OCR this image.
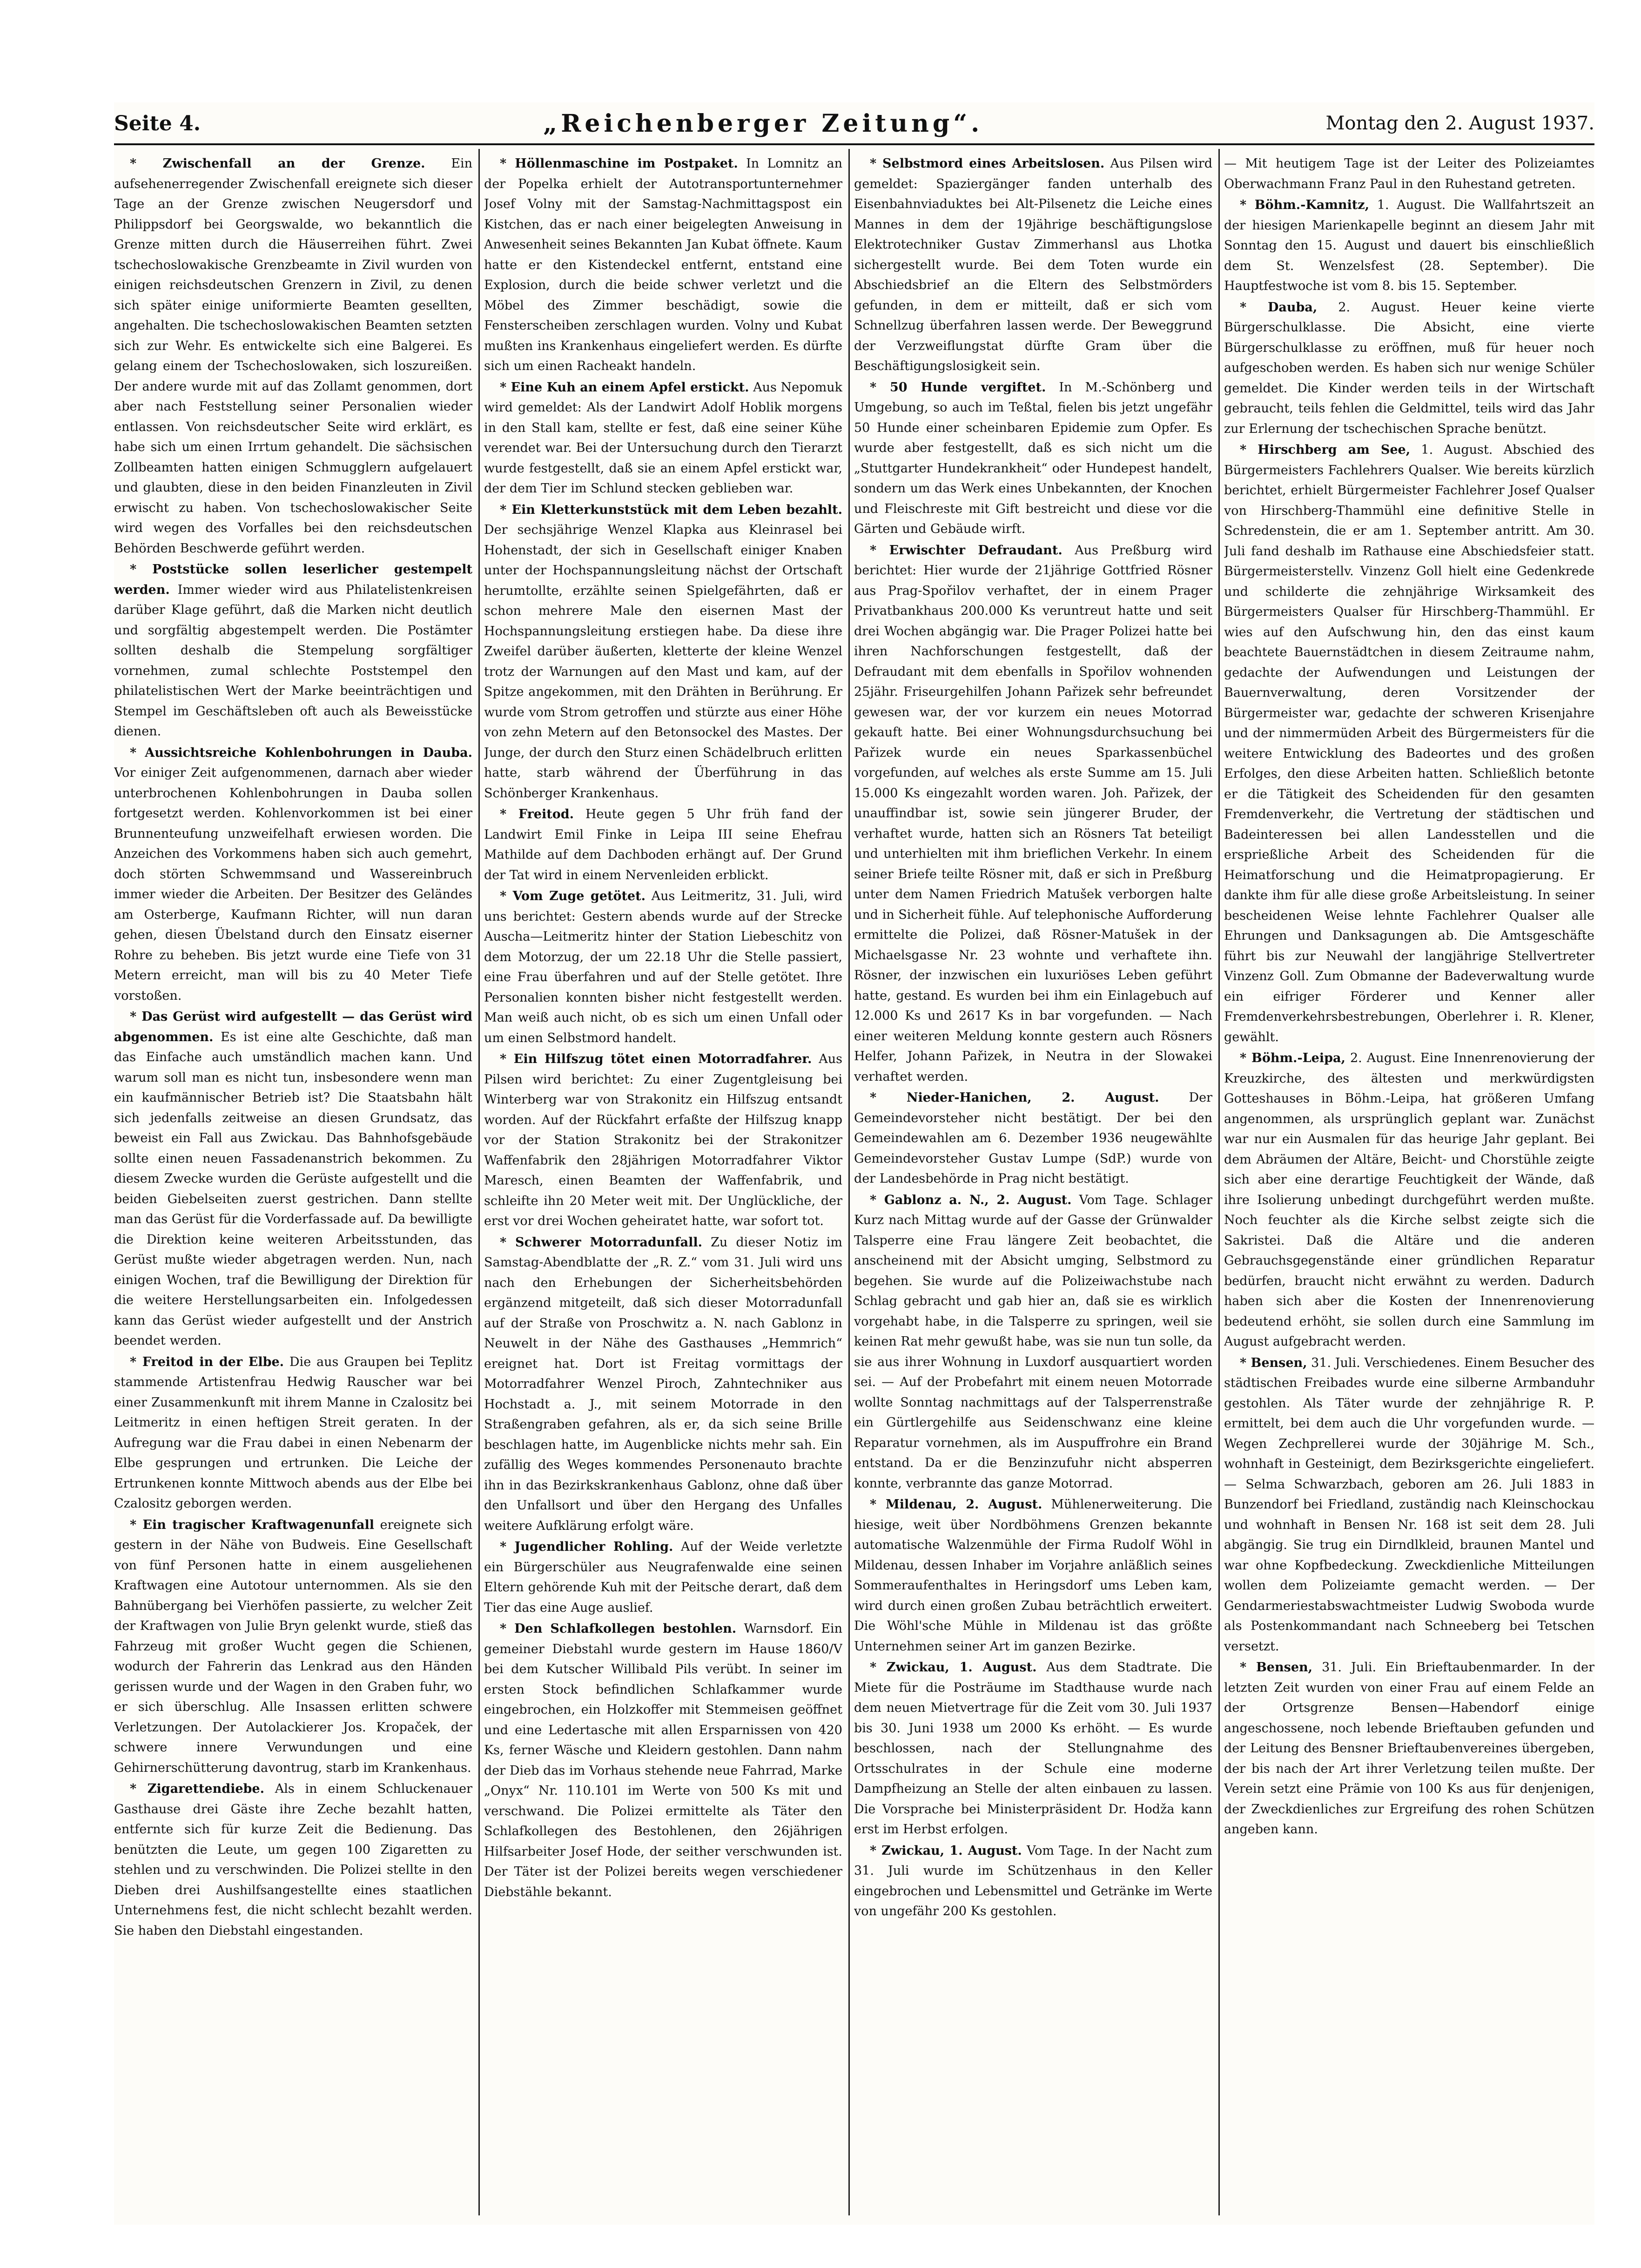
Seite 4.	„Reichenberger Zeitung“.	Montag den 2. August 1937.

* Zwischenfall an der Grenze. Ein aufsehenerregender Zwischenfall ereignete sich dieser Tage an der Grenze zwischen Neugersdorf und Philippsdorf bei Georgswalde, wo bekanntlich die Grenze mitten durch die Häuserreihen führt. Zwei tschechoslowakische Grenzbeamte in Zivil wurden von einigen reichsdeutschen Grenzern in Zivil, zu denen sich später einige uniformierte Beamten gesellten, angehalten. Die tschechoslowakischen Beamten setzten sich zur Wehr. Es entwickelte sich eine Balgerei. Es gelang einem der Tschechoslowaken, sich loszureißen. Der andere wurde mit auf das Zollamt genommen, dort aber nach Feststellung seiner Personalien wieder entlassen. Von reichsdeutscher Seite wird erklärt, es habe sich um einen Irrtum gehandelt. Die sächsischen Zollbeamten hatten einigen Schmugglern aufgelauert und glaubten, diese in den beiden Finanzleuten in Zivil erwischt zu haben. Von tschechoslowakischer Seite wird wegen des Vorfalles bei den reichsdeutschen Behörden Beschwerde geführt werden.

* Poststücke sollen leserlicher gestempelt werden. Immer wieder wird aus Philatelistenkreisen darüber Klage geführt, daß die Marken nicht deutlich und sorgfältig abgestempelt werden. Die Postämter sollten deshalb die Stempelung sorgfältiger vornehmen, zumal schlechte Poststempel den philatelistischen Wert der Marke beeinträchtigen und Stempel im Geschäftsleben oft auch als Beweisstücke dienen.

* Aussichtsreiche Kohlenbohrungen in Dauba. Vor einiger Zeit aufgenommenen, darnach aber wieder unterbrochenen Kohlenbohrungen in Dauba sollen fortgesetzt werden. Kohlenvorkommen ist bei einer Brunnenteufung unzweifelhaft erwiesen worden. Die Anzeichen des Vorkommens haben sich auch gemehrt, doch störten Schwemmsand und Wassereinbruch immer wieder die Arbeiten. Der Besitzer des Geländes am Osterberge, Kaufmann Richter, will nun daran gehen, diesen Übelstand durch den Einsatz eiserner Rohre zu beheben. Bis jetzt wurde eine Tiefe von 31 Metern erreicht, man will bis zu 40 Meter Tiefe vorstoßen.

* Das Gerüst wird aufgestellt — das Gerüst wird abgenommen. Es ist eine alte Geschichte, daß man das Einfache auch umständlich machen kann. Und warum soll man es nicht tun, insbesondere wenn man ein kaufmännischer Betrieb ist? Die Staatsbahn hält sich jedenfalls zeitweise an diesen Grundsatz, das beweist ein Fall aus Zwickau. Das Bahnhofsgebäude sollte einen neuen Fassadenanstrich bekommen. Zu diesem Zwecke wurden die Gerüste aufgestellt und die beiden Giebelseiten zuerst gestrichen. Dann stellte man das Gerüst für die Vorderfassade auf. Da bewilligte die Direktion keine weiteren Arbeitsstunden, das Gerüst mußte wieder abgetragen werden. Nun, nach einigen Wochen, traf die Bewilligung der Direktion für die weitere Herstellungsarbeiten ein. Infolgedessen kann das Gerüst wieder aufgestellt und der Anstrich beendet werden.

* Freitod in der Elbe. Die aus Graupen bei Teplitz stammende Artistenfrau Hedwig Rauscher war bei einer Zusammenkunft mit ihrem Manne in Czalositz bei Leitmeritz in einen heftigen Streit geraten. In der Aufregung war die Frau dabei in einen Nebenarm der Elbe gesprungen und ertrunken. Die Leiche der Ertrunkenen konnte Mittwoch abends aus der Elbe bei Czalositz geborgen werden.

* Ein tragischer Kraftwagenunfall ereignete sich gestern in der Nähe von Budweis. Eine Gesellschaft von fünf Personen hatte in einem ausgeliehenen Kraftwagen eine Autotour unternommen. Als sie den Bahnübergang bei Vierhöfen passierte, zu welcher Zeit der Kraftwagen von Julie Bryn gelenkt wurde, stieß das Fahrzeug mit großer Wucht gegen die Schienen, wodurch der Fahrerin das Lenkrad aus den Händen gerissen wurde und der Wagen in den Graben fuhr, wo er sich überschlug. Alle Insassen erlitten schwere Verletzungen. Der Autolackierer Jos. Kropaček, der schwere innere Verwundungen und eine Gehirnerschütterung davontrug, starb im Krankenhaus.

* Zigarettendiebe. Als in einem Schluckenauer Gasthause drei Gäste ihre Zeche bezahlt hatten, entfernte sich für kurze Zeit die Bedienung. Das benützten die Leute, um gegen 100 Zigaretten zu stehlen und zu verschwinden. Die Polizei stellte in den Dieben drei Aushilfsangestellte eines staatlichen Unternehmens fest, die nicht schlecht bezahlt werden. Sie haben den Diebstahl eingestanden.

* Höllenmaschine im Postpaket. In Lomnitz an der Popelka erhielt der Autotransportunternehmer Josef Volny mit der Samstag-Nachmittagspost ein Kistchen, das er nach einer beigelegten Anweisung in Anwesenheit seines Bekannten Jan Kubat öffnete. Kaum hatte er den Kistendeckel entfernt, entstand eine Explosion, durch die beide schwer verletzt und die Möbel des Zimmer beschädigt, sowie die Fensterscheiben zerschlagen wurden. Volny und Kubat mußten ins Krankenhaus eingeliefert werden. Es dürfte sich um einen Racheakt handeln.

* Eine Kuh an einem Apfel erstickt. Aus Nepomuk wird gemeldet: Als der Landwirt Adolf Hoblik morgens in den Stall kam, stellte er fest, daß eine seiner Kühe verendet war. Bei der Untersuchung durch den Tierarzt wurde festgestellt, daß sie an einem Apfel erstickt war, der dem Tier im Schlund stecken geblieben war.

* Ein Kletterkunststück mit dem Leben bezahlt. Der sechsjährige Wenzel Klapka aus Kleinrasel bei Hohenstadt, der sich in Gesellschaft einiger Knaben unter der Hochspannungsleitung nächst der Ortschaft herumtollte, erzählte seinen Spielgefährten, daß er schon mehrere Male den eisernen Mast der Hochspannungsleitung erstiegen habe. Da diese ihre Zweifel darüber äußerten, kletterte der kleine Wenzel trotz der Warnungen auf den Mast und kam, auf der Spitze angekommen, mit den Drähten in Berührung. Er wurde vom Strom getroffen und stürzte aus einer Höhe von zehn Metern auf den Betonsockel des Mastes. Der Junge, der durch den Sturz einen Schädelbruch erlitten hatte, starb während der Überführung in das Schönberger Krankenhaus.

* Freitod. Heute gegen 5 Uhr früh fand der Landwirt Emil Finke in Leipa III seine Ehefrau Mathilde auf dem Dachboden erhängt auf. Der Grund der Tat wird in einem Nervenleiden erblickt.

* Vom Zuge getötet. Aus Leitmeritz, 31. Juli, wird uns berichtet: Gestern abends wurde auf der Strecke Auscha—Leitmeritz hinter der Station Liebeschitz von dem Motorzug, der um 22.18 Uhr die Stelle passiert, eine Frau überfahren und auf der Stelle getötet. Ihre Personalien konnten bisher nicht festgestellt werden. Man weiß auch nicht, ob es sich um einen Unfall oder um einen Selbstmord handelt.

* Ein Hilfszug tötet einen Motorradfahrer. Aus Pilsen wird berichtet: Zu einer Zugentgleisung bei Winterberg war von Strakonitz ein Hilfszug entsandt worden. Auf der Rückfahrt erfaßte der Hilfszug knapp vor der Station Strakonitz bei der Strakonitzer Waffenfabrik den 28jährigen Motorradfahrer Viktor Maresch, einen Beamten der Waffenfabrik, und schleifte ihn 20 Meter weit mit. Der Unglückliche, der erst vor drei Wochen geheiratet hatte, war sofort tot.

* Schwerer Motorradunfall. Zu dieser Notiz im Samstag-Abendblatte der „R. Z.“ vom 31. Juli wird uns nach den Erhebungen der Sicherheitsbehörden ergänzend mitgeteilt, daß sich dieser Motorradunfall auf der Straße von Proschwitz a. N. nach Gablonz in Neuwelt in der Nähe des Gasthauses „Hemmrich“ ereignet hat. Dort ist Freitag vormittags der Motorradfahrer Wenzel Piroch, Zahntechniker aus Hochstadt a. J., mit seinem Motorrade in den Straßengraben gefahren, als er, da sich seine Brille beschlagen hatte, im Augenblicke nichts mehr sah. Ein zufällig des Weges kommendes Personenauto brachte ihn in das Bezirkskrankenhaus Gablonz, ohne daß über den Unfallsort und über den Hergang des Unfalles weitere Aufklärung erfolgt wäre.

* Jugendlicher Rohling. Auf der Weide verletzte ein Bürgerschüler aus Neugrafenwalde eine seinen Eltern gehörende Kuh mit der Peitsche derart, daß dem Tier das eine Auge auslief.

* Den Schlafkollegen bestohlen. Warnsdorf. Ein gemeiner Diebstahl wurde gestern im Hause 1860/V bei dem Kutscher Willibald Pils verübt. In seiner im ersten Stock befindlichen Schlafkammer wurde eingebrochen, ein Holzkoffer mit Stemmeisen geöffnet und eine Ledertasche mit allen Ersparnissen von 420 Ks, ferner Wäsche und Kleidern gestohlen. Dann nahm der Dieb das im Vorhaus stehende neue Fahrrad, Marke „Onyx“ Nr. 110.101 im Werte von 500 Ks mit und verschwand. Die Polizei ermittelte als Täter den Schlafkollegen des Bestohlenen, den 26jährigen Hilfsarbeiter Josef Hode, der seither verschwunden ist. Der Täter ist der Polizei bereits wegen verschiedener Diebstähle bekannt.

* Selbstmord eines Arbeitslosen. Aus Pilsen wird gemeldet: Spaziergänger fanden unterhalb des Eisenbahnviaduktes bei Alt-Pilsenetz die Leiche eines Mannes in dem der 19jährige beschäftigungslose Elektrotechniker Gustav Zimmerhansl aus Lhotka sichergestellt wurde. Bei dem Toten wurde ein Abschiedsbrief an die Eltern des Selbstmörders gefunden, in dem er mitteilt, daß er sich vom Schnellzug überfahren lassen werde. Der Beweggrund der Verzweiflungstat dürfte Gram über die Beschäftigungslosigkeit sein.

* 50 Hunde vergiftet. In M.-Schönberg und Umgebung, so auch im Teßtal, fielen bis jetzt ungefähr 50 Hunde einer scheinbaren Epidemie zum Opfer. Es wurde aber festgestellt, daß es sich nicht um die „Stuttgarter Hundekrankheit“ oder Hundepest handelt, sondern um das Werk eines Unbekannten, der Knochen und Fleischreste mit Gift bestreicht und diese vor die Gärten und Gebäude wirft.

* Erwischter Defraudant. Aus Preßburg wird berichtet: Hier wurde der 21jährige Gottfried Rösner aus Prag-Spořilov verhaftet, der in einem Prager Privatbankhaus 200.000 Ks veruntreut hatte und seit drei Wochen abgängig war. Die Prager Polizei hatte bei ihren Nachforschungen festgestellt, daß der Defraudant mit dem ebenfalls in Spořilov wohnenden 25jähr. Friseurgehilfen Johann Pařizek sehr befreundet gewesen war, der vor kurzem ein neues Motorrad gekauft hatte. Bei einer Wohnungsdurchsuchung bei Pařizek wurde ein neues Sparkassenbüchel vorgefunden, auf welches als erste Summe am 15. Juli 15.000 Ks eingezahlt worden waren. Joh. Pařizek, der unauffindbar ist, sowie sein jüngerer Bruder, der verhaftet wurde, hatten sich an Rösners Tat beteiligt und unterhielten mit ihm brieflichen Verkehr. In einem seiner Briefe teilte Rösner mit, daß er sich in Preßburg unter dem Namen Friedrich Matušek verborgen halte und in Sicherheit fühle. Auf telephonische Aufforderung ermittelte die Polizei, daß Rösner-Matušek in der Michaelsgasse Nr. 23 wohnte und verhaftete ihn. Rösner, der inzwischen ein luxuriöses Leben geführt hatte, gestand. Es wurden bei ihm ein Einlagebuch auf 12.000 Ks und 2617 Ks in bar vorgefunden. — Nach einer weiteren Meldung konnte gestern auch Rösners Helfer, Johann Pařizek, in Neutra in der Slowakei verhaftet werden.

* Nieder-Hanichen, 2. August. Der Gemeindevorsteher nicht bestätigt. Der bei den Gemeindewahlen am 6. Dezember 1936 neugewählte Gemeindevorsteher Gustav Lumpe (SdP.) wurde von der Landesbehörde in Prag nicht bestätigt.

* Gablonz a. N., 2. August. Vom Tage. Schlager Kurz nach Mittag wurde auf der Gasse der Grünwalder Talsperre eine Frau längere Zeit beobachtet, die anscheinend mit der Absicht umging, Selbstmord zu begehen. Sie wurde auf die Polizeiwachstube nach Schlag gebracht und gab hier an, daß sie es wirklich vorgehabt habe, in die Talsperre zu springen, weil sie keinen Rat mehr gewußt habe, was sie nun tun solle, da sie aus ihrer Wohnung in Luxdorf ausquartiert worden sei. — Auf der Probefahrt mit einem neuen Motorrade wollte Sonntag nachmittags auf der Talsperrenstraße ein Gürtlergehilfe aus Seidenschwanz eine kleine Reparatur vornehmen, als im Auspuffrohre ein Brand entstand. Da er die Benzinzufuhr nicht absperren konnte, verbrannte das ganze Motorrad.

* Mildenau, 2. August. Mühlenerweiterung. Die hiesige, weit über Nordböhmens Grenzen bekannte automatische Walzenmühle der Firma Rudolf Wöhl in Mildenau, dessen Inhaber im Vorjahre anläßlich seines Sommeraufenthaltes in Heringsdorf ums Leben kam, wird durch einen großen Zubau beträchtlich erweitert. Die Wöhl'sche Mühle in Mildenau ist das größte Unternehmen seiner Art im ganzen Bezirke.

* Zwickau, 1. August. Aus dem Stadtrate. Die Miete für die Posträume im Stadthause wurde nach dem neuen Mietvertrage für die Zeit vom 30. Juli 1937 bis 30. Juni 1938 um 2000 Ks erhöht. — Es wurde beschlossen, nach der Stellungnahme des Ortsschulrates in der Schule eine moderne Dampfheizung an Stelle der alten einbauen zu lassen. Die Vorsprache bei Ministerpräsident Dr. Hodža kann erst im Herbst erfolgen.

* Zwickau, 1. August. Vom Tage. In der Nacht zum 31. Juli wurde im Schützenhaus in den Keller eingebrochen und Lebensmittel und Getränke im Werte von ungefähr 200 Ks gestohlen.

— Mit heutigem Tage ist der Leiter des Polizeiamtes Oberwachmann Franz Paul in den Ruhestand getreten.

* Böhm.-Kamnitz, 1. August. Die Wallfahrtszeit an der hiesigen Marienkapelle beginnt an diesem Jahr mit Sonntag den 15. August und dauert bis einschließlich dem St. Wenzelsfest (28. September). Die Hauptfestwoche ist vom 8. bis 15. September.

* Dauba, 2. August. Heuer keine vierte Bürgerschulklasse. Die Absicht, eine vierte Bürgerschulklasse zu eröffnen, muß für heuer noch aufgeschoben werden. Es haben sich nur wenige Schüler gemeldet. Die Kinder werden teils in der Wirtschaft gebraucht, teils fehlen die Geldmittel, teils wird das Jahr zur Erlernung der tschechischen Sprache benützt.

* Hirschberg am See, 1. August. Abschied des Bürgermeisters Fachlehrers Qualser. Wie bereits kürzlich berichtet, erhielt Bürgermeister Fachlehrer Josef Qualser von Hirschberg-Thammühl eine definitive Stelle in Schredenstein, die er am 1. September antritt. Am 30. Juli fand deshalb im Rathause eine Abschiedsfeier statt. Bürgermeisterstellv. Vinzenz Goll hielt eine Gedenkrede und schilderte die zehnjährige Wirksamkeit des Bürgermeisters Qualser für Hirschberg-Thammühl. Er wies auf den Aufschwung hin, den das einst kaum beachtete Bauernstädtchen in diesem Zeitraume nahm, gedachte der Aufwendungen und Leistungen der Bauernverwaltung, deren Vorsitzender der Bürgermeister war, gedachte der schweren Krisenjahre und der nimmermüden Arbeit des Bürgermeisters für die weitere Entwicklung des Badeortes und des großen Erfolges, den diese Arbeiten hatten. Schließlich betonte er die Tätigkeit des Scheidenden für den gesamten Fremdenverkehr, die Vertretung der städtischen und Badeinteressen bei allen Landesstellen und die ersprießliche Arbeit des Scheidenden für die Heimatforschung und die Heimatpropagierung. Er dankte ihm für alle diese große Arbeitsleistung. In seiner bescheidenen Weise lehnte Fachlehrer Qualser alle Ehrungen und Danksagungen ab. Die Amtsgeschäfte führt bis zur Neuwahl der langjährige Stellvertreter Vinzenz Goll. Zum Obmanne der Badeverwaltung wurde ein eifriger Förderer und Kenner aller Fremdenverkehrsbestrebungen, Oberlehrer i. R. Klener, gewählt.

* Böhm.-Leipa, 2. August. Eine Innenrenovierung der Kreuzkirche, des ältesten und merkwürdigsten Gotteshauses in Böhm.-Leipa, hat größeren Umfang angenommen, als ursprünglich geplant war. Zunächst war nur ein Ausmalen für das heurige Jahr geplant. Bei dem Abräumen der Altäre, Beicht- und Chorstühle zeigte sich aber eine derartige Feuchtigkeit der Wände, daß ihre Isolierung unbedingt durchgeführt werden mußte. Noch feuchter als die Kirche selbst zeigte sich die Sakristei. Daß die Altäre und die anderen Gebrauchsgegenstände einer gründlichen Reparatur bedürfen, braucht nicht erwähnt zu werden. Dadurch haben sich aber die Kosten der Innenrenovierung bedeutend erhöht, sie sollen durch eine Sammlung im August aufgebracht werden.

* Bensen, 31. Juli. Verschiedenes. Einem Besucher des städtischen Freibades wurde eine silberne Armbanduhr gestohlen. Als Täter wurde der zehnjährige R. P. ermittelt, bei dem auch die Uhr vorgefunden wurde. — Wegen Zechprellerei wurde der 30jährige M. Sch., wohnhaft in Gesteinigt, dem Bezirksgerichte eingeliefert. — Selma Schwarzbach, geboren am 26. Juli 1883 in Bunzendorf bei Friedland, zuständig nach Kleinschockau und wohnhaft in Bensen Nr. 168 ist seit dem 28. Juli abgängig. Sie trug ein Dirndlkleid, braunen Mantel und war ohne Kopfbedeckung. Zweckdienliche Mitteilungen wollen dem Polizeiamte gemacht werden. — Der Gendarmeriestabswachtmeister Ludwig Swoboda wurde als Postenkommandant nach Schneeberg bei Tetschen versetzt.

* Bensen, 31. Juli. Ein Brieftaubenmarder. In der letzten Zeit wurden von einer Frau auf einem Felde an der Ortsgrenze Bensen—Habendorf einige angeschossene, noch lebende Brieftauben gefunden und der Leitung des Bensner Brieftaubenvereines übergeben, der bis nach der Art ihrer Verletzung teilen mußte. Der Verein setzt eine Prämie von 100 Ks aus für denjenigen, der Zweckdienliches zur Ergreifung des rohen Schützen angeben kann.
